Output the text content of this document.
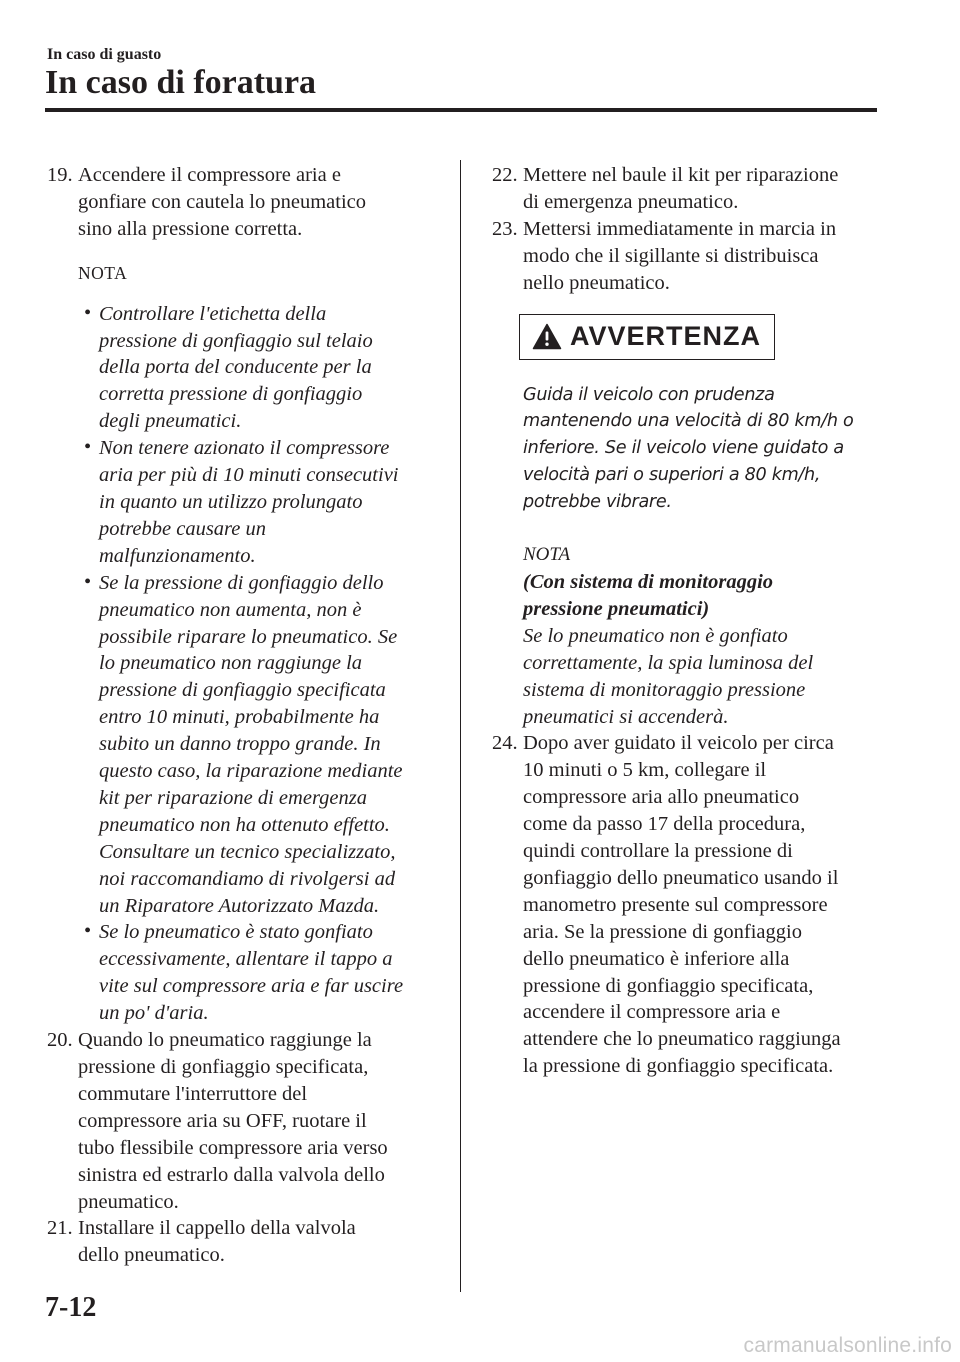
In caso di guasto
In caso di foratura
19. Accendere il compressore aria e
gonfiare con cautela lo pneumatico
sino alla pressione corretta.
NOTA
• Controllare l'etichetta della
pressione di gonfiaggio sul telaio
della porta del conducente per la
corretta pressione di gonfiaggio
degli pneumatici.
• Non tenere azionato il compressore
aria per più di 10 minuti consecutivi
in quanto un utilizzo prolungato
potrebbe causare un
malfunzionamento.
• Se la pressione di gonfiaggio dello
pneumatico non aumenta, non è
possibile riparare lo pneumatico. Se
lo pneumatico non raggiunge la
pressione di gonfiaggio specificata
entro 10 minuti, probabilmente ha
subito un danno troppo grande. In
questo caso, la riparazione mediante
kit per riparazione di emergenza
pneumatico non ha ottenuto effetto.
Consultare un tecnico specializzato,
noi raccomandiamo di rivolgersi ad
un Riparatore Autorizzato Mazda.
• Se lo pneumatico è stato gonfiato
eccessivamente, allentare il tappo a
vite sul compressore aria e far uscire
un po' d'aria.
20. Quando lo pneumatico raggiunge la
pressione di gonfiaggio specificata,
commutare l'interruttore del
compressore aria su OFF, ruotare il
tubo flessibile compressore aria verso
sinistra ed estrarlo dalla valvola dello
pneumatico.
21. Installare il cappello della valvola
dello pneumatico.
22. Mettere nel baule il kit per riparazione
di emergenza pneumatico.
23. Mettersi immediatamente in marcia in
modo che il sigillante si distribuisca
nello pneumatico.
AVVERTENZA
Guida il veicolo con prudenza
mantenendo una velocità di 80 km/h o
inferiore. Se il veicolo viene guidato a
velocità pari o superiori a 80 km/h,
potrebbe vibrare.
NOTA
(Con sistema di monitoraggio
pressione pneumatici)
Se lo pneumatico non è gonfiato
correttamente, la spia luminosa del
sistema di monitoraggio pressione
pneumatici si accenderà.
24. Dopo aver guidato il veicolo per circa
10 minuti o 5 km, collegare il
compressore aria allo pneumatico
come da passo 17 della procedura,
quindi controllare la pressione di
gonfiaggio dello pneumatico usando il
manometro presente sul compressore
aria. Se la pressione di gonfiaggio
dello pneumatico è inferiore alla
pressione di gonfiaggio specificata,
accendere il compressore aria e
attendere che lo pneumatico raggiunga
la pressione di gonfiaggio specificata.
7-12
carmanualsonline.info
